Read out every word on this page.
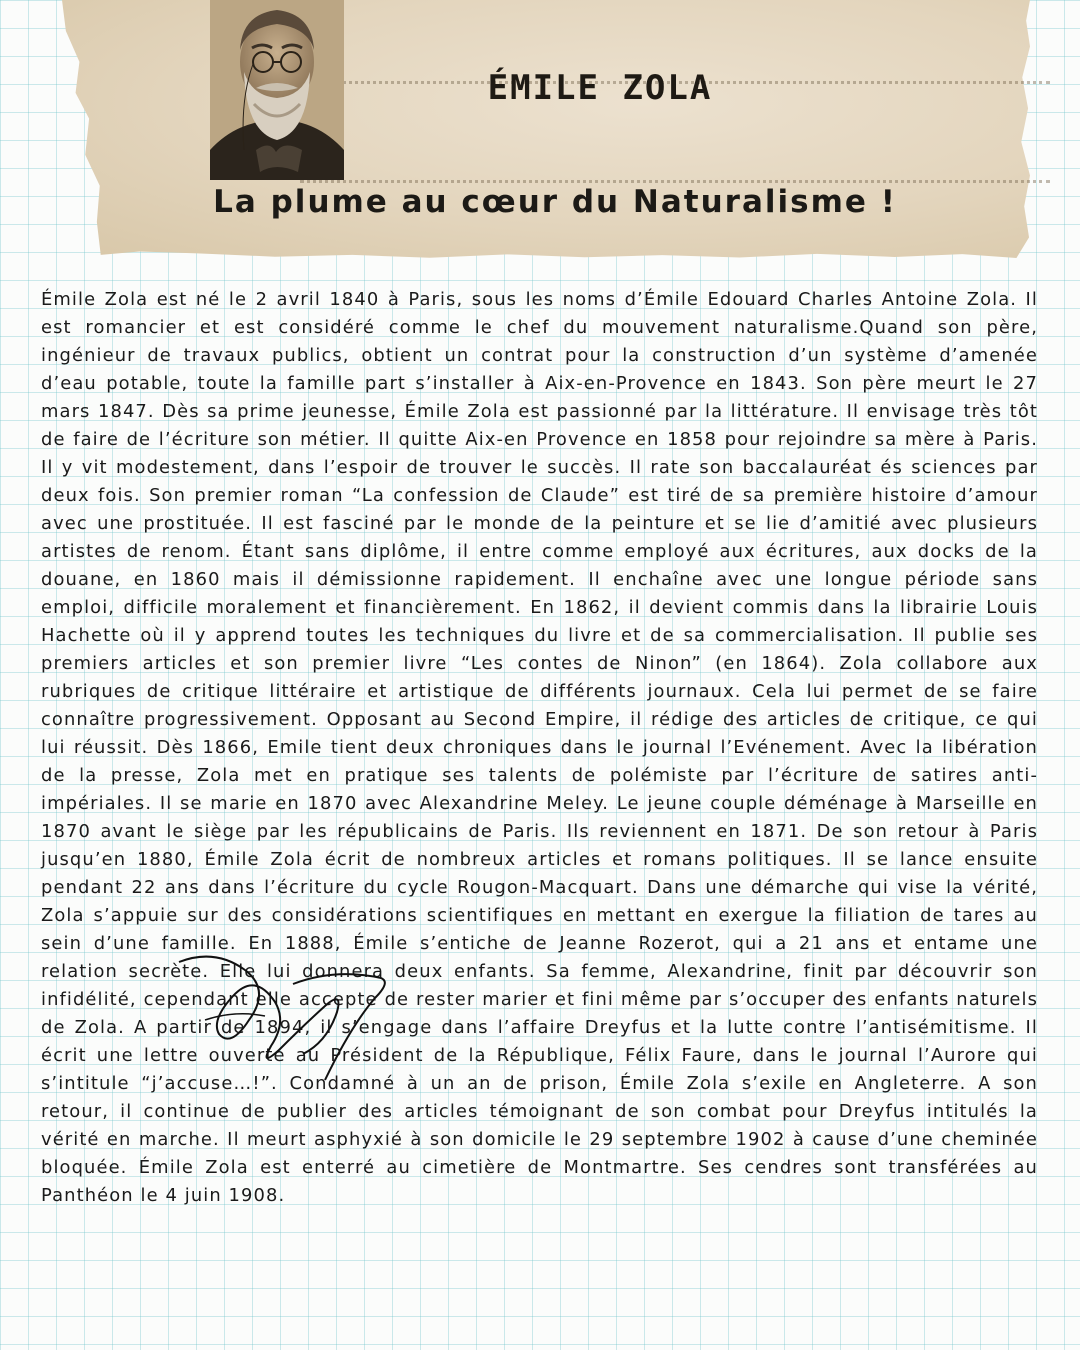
ÉMILE ZOLA
La plume au cœur du Naturalisme !

Émile Zola est né le 2 avril 1840 à Paris, sous les noms d’Émile Edouard Charles Antoine Zola. Il est romancier et est considéré comme le chef du mouvement naturalisme.Quand son père, ingénieur de travaux publics, obtient un contrat pour la construction d’un système d’amenée d’eau potable, toute la famille part s’installer à Aix-en-Provence en 1843. Son père meurt le 27 mars 1847. Dès sa prime jeunesse, Émile Zola est passionné par la littérature. Il envisage très tôt de faire de l’écriture son métier. Il quitte Aix-en Provence en 1858 pour rejoindre sa mère à Paris. Il y vit modestement, dans l’espoir de trouver le succès. Il rate son baccalauréat és sciences par deux fois. Son premier roman “La confession de Claude” est tiré de sa première histoire d’amour avec une prostituée. Il est fasciné par le monde de la peinture et se lie d’amitié avec plusieurs artistes de renom. Étant sans diplôme, il entre comme employé aux écritures, aux docks de la douane, en 1860 mais il démissionne rapidement. Il enchaîne avec une longue période sans emploi, difficile moralement et financièrement. En 1862, il devient commis dans la librairie Louis Hachette où il y apprend toutes les techniques du livre et de sa commercialisation. Il publie ses premiers articles et son premier livre “Les contes de Ninon” (en 1864). Zola collabore aux rubriques de critique littéraire et artistique de différents journaux. Cela lui permet de se faire connaître progressivement. Opposant au Second Empire, il rédige des articles de critique, ce qui lui réussit. Dès 1866, Emile tient deux chroniques dans le journal l’Evénement. Avec la libération de la presse, Zola met en pratique ses talents de polémiste par l’écriture de satires anti-impériales. Il se marie en 1870 avec Alexandrine Meley. Le jeune couple déménage à Marseille en 1870 avant le siège par les républicains de Paris. Ils reviennent en 1871. De son retour à Paris jusqu’en 1880, Émile Zola écrit de nombreux articles et romans politiques. Il se lance ensuite pendant 22 ans dans l’écriture du cycle Rougon-Macquart. Dans une démarche qui vise la vérité, Zola s’appuie sur des considérations scientifiques en mettant en exergue la filiation de tares au sein d’une famille. En 1888, Émile s’entiche de Jeanne Rozerot, qui a 21 ans et entame une relation secrète. Elle lui donnera deux enfants. Sa femme, Alexandrine, finit par découvrir son infidélité, cependant elle accepte de rester marier et fini même par s’occuper des enfants naturels de Zola. A partir de 1894, il s’engage dans l’affaire Dreyfus et la lutte contre l’antisémitisme. Il écrit une lettre ouverte au Président de la République, Félix Faure, dans le journal l’Aurore qui s’intitule “j’accuse…!”. Condamné à un an de prison, Émile Zola s’exile en Angleterre. A son retour, il continue de publier des articles témoignant de son combat pour Dreyfus intitulés la vérité en marche. Il meurt asphyxié à son domicile le 29 septembre 1902 à cause d’une cheminée bloquée. Émile Zola est enterré au cimetière de Montmartre. Ses cendres sont transférées au Panthéon le 4 juin 1908.
